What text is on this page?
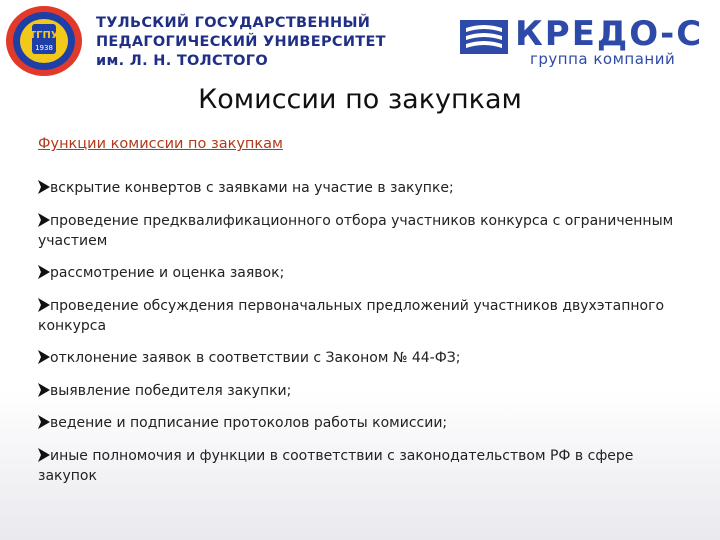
ТГПУ
1938
ТУЛЬСКИЙ ГОСУДАРСТВЕННЫЙ
ПЕДАГОГИЧЕСКИЙ УНИВЕРСИТЕТ
им. Л. Н. ТОЛСТОГО
КРЕДО-С
группа компаний
Комиссии по закупкам
Функции комиссии по закупкам
вскрытие конвертов с заявками на участие в закупке;
проведение предквалификационного отбора участников конкурса с ограниченным участием
рассмотрение и оценка заявок;
проведение обсуждения первоначальных предложений участников двухэтапного конкурса
отклонение заявок в соответствии с Законом № 44-ФЗ;
выявление победителя закупки;
ведение и подписание протоколов работы комиссии;
иные полномочия и функции в соответствии с законодательством РФ в сфере закупок
